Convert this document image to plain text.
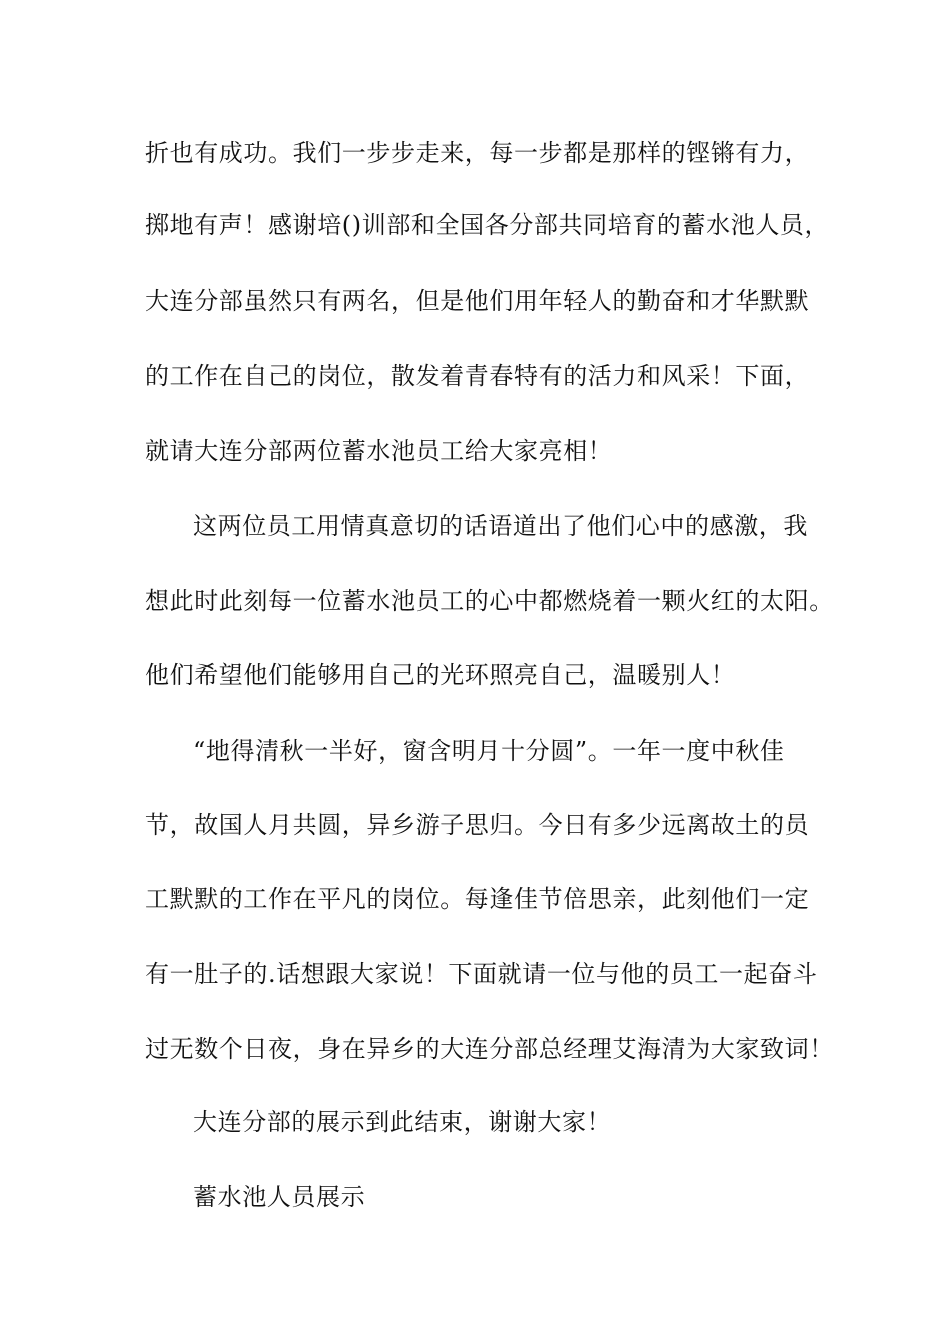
折也有成功。我们一步步走来，每一步都是那样的铿锵有力，
掷地有声！感谢培()训部和全国各分部共同培育的蓄水池人员，
大连分部虽然只有两名，但是他们用年轻人的勤奋和才华默默
的工作在自己的岗位，散发着青春特有的活力和风采！下面，
就请大连分部两位蓄水池员工给大家亮相！
这两位员工用情真意切的话语道出了他们心中的感激，我
想此时此刻每一位蓄水池员工的心中都燃烧着一颗火红的太阳。
他们希望他们能够用自己的光环照亮自己，温暖别人！
“地得清秋一半好，窗含明月十分圆”。一年一度中秋佳
节，故国人月共圆，异乡游子思归。今日有多少远离故土的员
工默默的工作在平凡的岗位。每逢佳节倍思亲，此刻他们一定
有一肚子的.话想跟大家说！下面就请一位与他的员工一起奋斗
过无数个日夜，身在异乡的大连分部总经理艾海清为大家致词！
大连分部的展示到此结束，谢谢大家！
蓄水池人员展示
